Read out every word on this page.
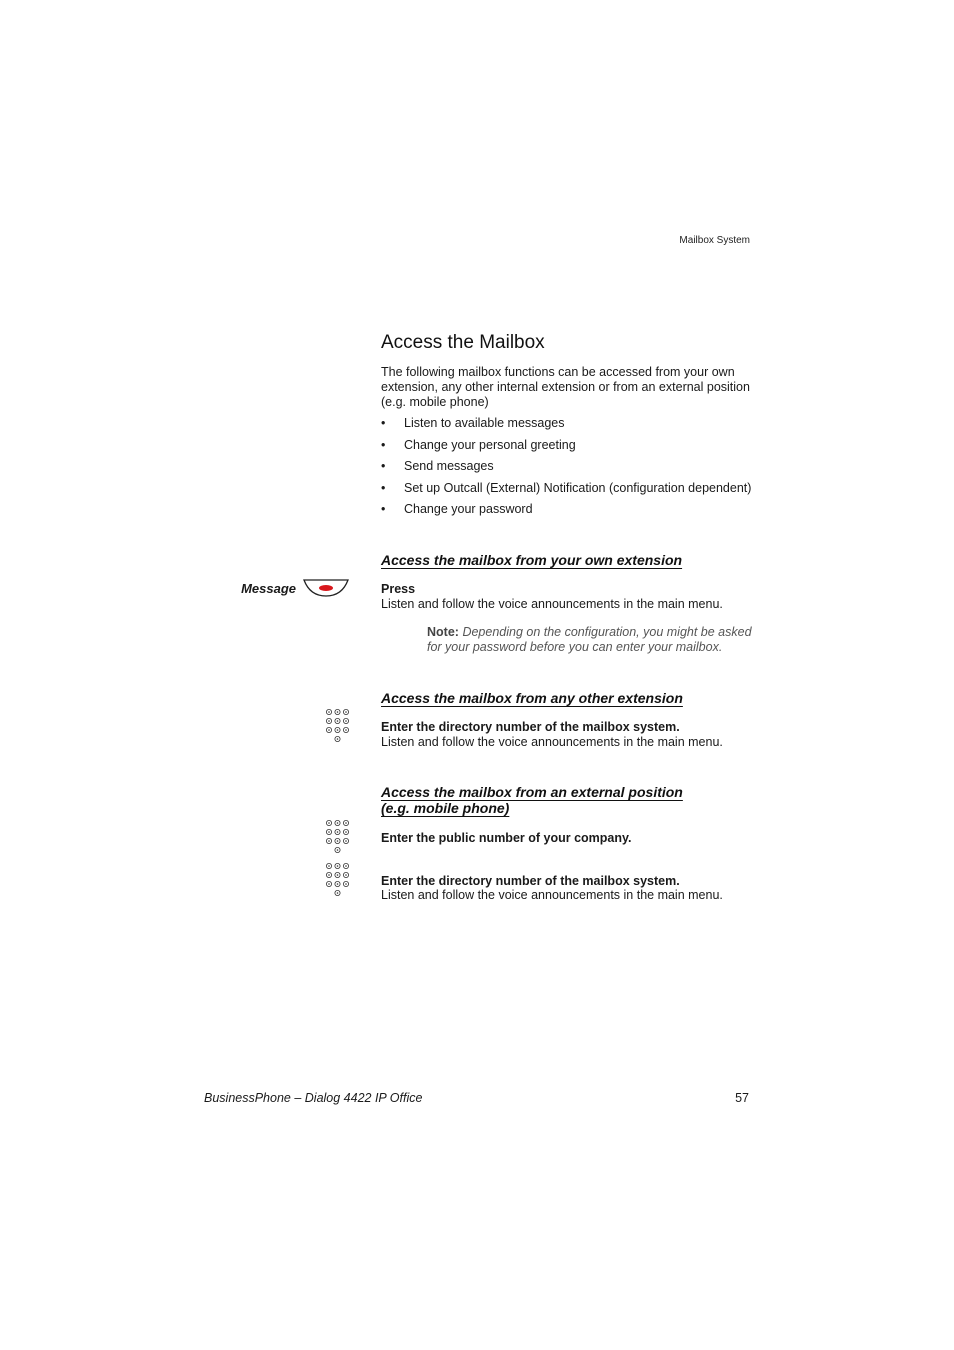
Mailbox System
Access the Mailbox

The following mailbox functions can be accessed from your own extension, any other internal extension or from an external position (e.g. mobile phone)

• Listen to available messages
• Change your personal greeting
• Send messages
• Set up Outcall (External) Notification (configuration dependent)
• Change your password
Access the mailbox from your own extension
Message	Press
Listen and follow the voice announcements in the main menu.

Note: Depending on the configuration, you might be asked for your password before you can enter your mailbox.

Access the mailbox from any other extension
Enter the directory number of the mailbox system.
Listen and follow the voice announcements in the main menu.
Access the mailbox from an external position
(e.g. mobile phone)
Enter the public number of your company.
Enter the directory number of the mailbox system.
Listen and follow the voice announcements in the main menu.
BusinessPhone – Dialog 4422 IP Office	57
